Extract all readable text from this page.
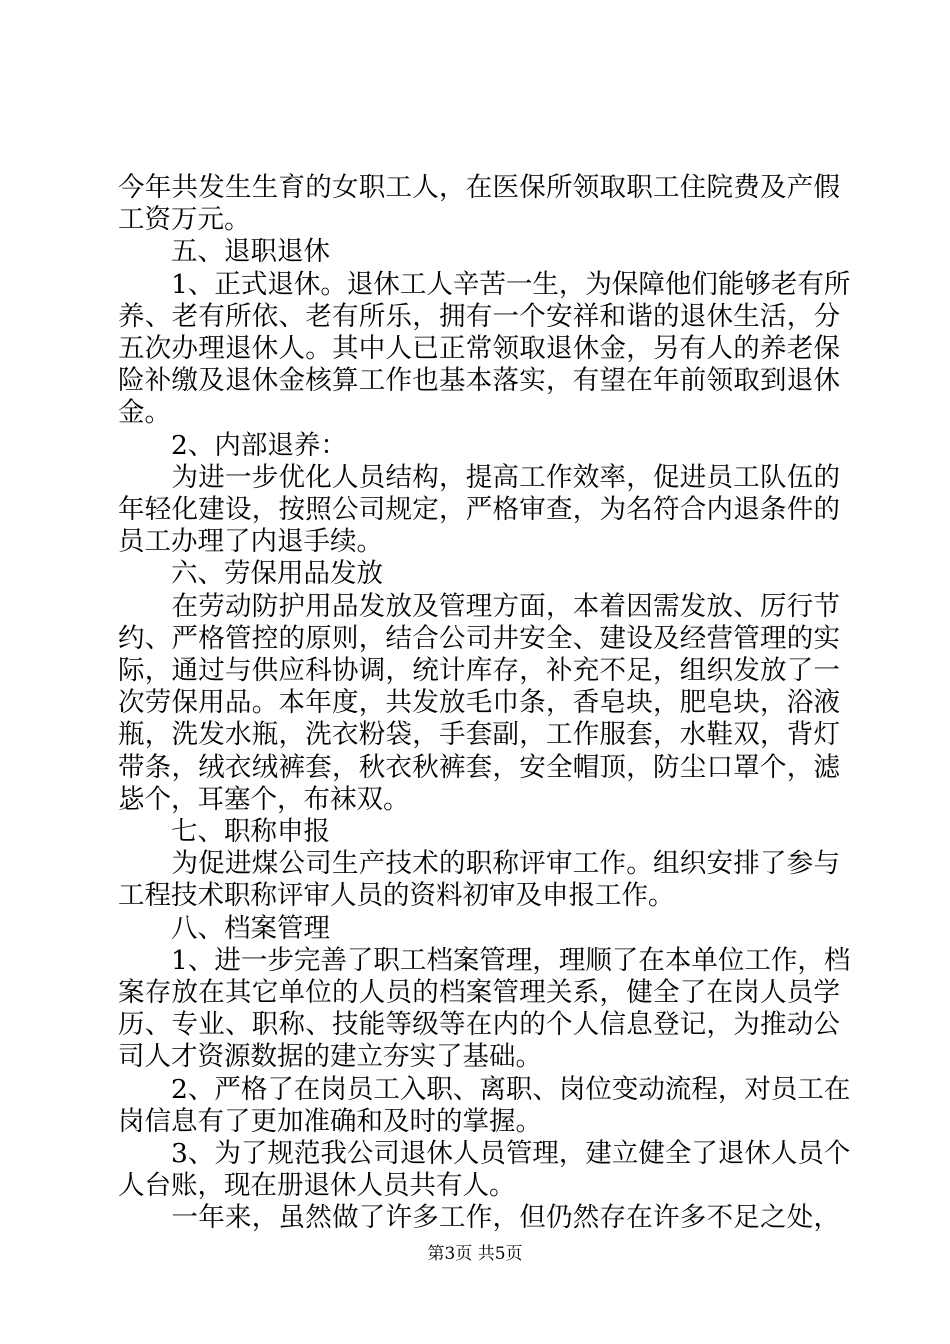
今年共发生生育的女职工人，在医保所领取职工住院费及产假
工资万元。
　　五、退职退休
　　1、正式退休。退休工人辛苦一生，为保障他们能够老有所
养、老有所依、老有所乐，拥有一个安祥和谐的退休生活，分
五次办理退休人。其中人已正常领取退休金，另有人的养老保
险补缴及退休金核算工作也基本落实，有望在年前领取到退休
金。
　　2、内部退养：
　　为进一步优化人员结构，提高工作效率，促进员工队伍的
年轻化建设，按照公司规定，严格审查，为名符合内退条件的
员工办理了内退手续。
　　六、劳保用品发放
　　在劳动防护用品发放及管理方面，本着因需发放、厉行节
约、严格管控的原则，结合公司井安全、建设及经营管理的实
际，通过与供应科协调，统计库存，补充不足，组织发放了一
次劳保用品。本年度，共发放毛巾条，香皂块，肥皂块，浴液
瓶，洗发水瓶，洗衣粉袋，手套副，工作服套，水鞋双，背灯
带条，绒衣绒裤套，秋衣秋裤套，安全帽顶，防尘口罩个，滤
毖个，耳塞个，布袜双。
　　七、职称申报
　　为促进煤公司生产技术的职称评审工作。组织安排了参与
工程技术职称评审人员的资料初审及申报工作。
　　八、档案管理
　　1、进一步完善了职工档案管理，理顺了在本单位工作，档
案存放在其它单位的人员的档案管理关系，健全了在岗人员学
历、专业、职称、技能等级等在内的个人信息登记，为推动公
司人才资源数据的建立夯实了基础。
　　2、严格了在岗员工入职、离职、岗位变动流程，对员工在
岗信息有了更加准确和及时的掌握。
　　3、为了规范我公司退休人员管理，建立健全了退休人员个
人台账，现在册退休人员共有人。
　　一年来，虽然做了许多工作，但仍然存在许多不足之处，
第3页 共5页
